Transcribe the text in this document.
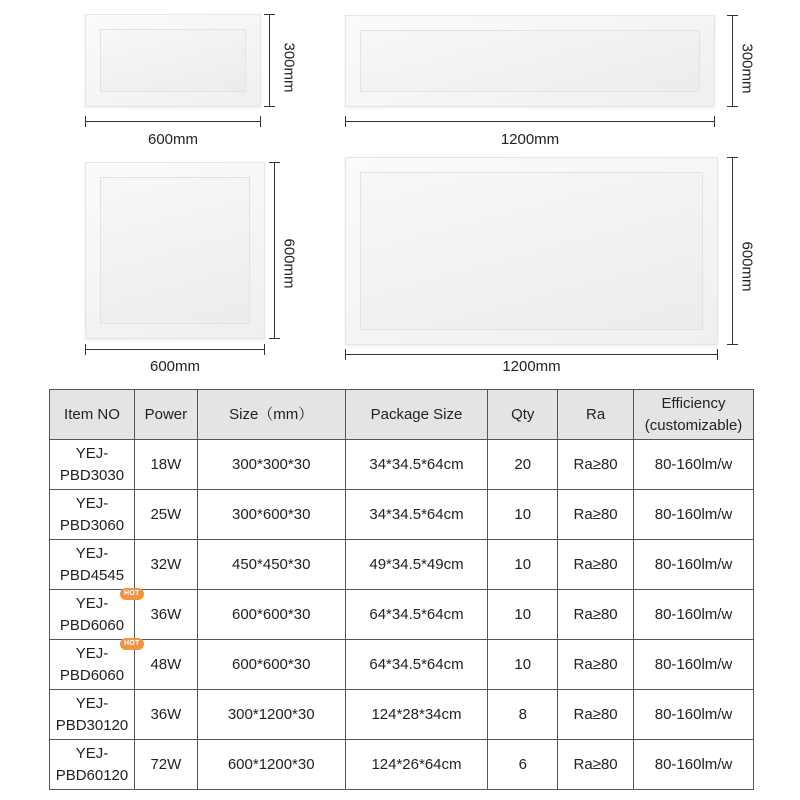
300mm
600mm
300mm
1200mm
600mm
600mm
600mm
1200mm
Item NO	Power	Size（mm）	Package Size	Qty	Ra	Efficiency
(customizable)
YEJ-
PBD3030	18W	300*300*30	34*34.5*64cm	20	Ra≥80	80-160lm/w
YEJ-
PBD3060	25W	300*600*30	34*34.5*64cm	10	Ra≥80	80-160lm/w
YEJ-
PBD4545	32W	450*450*30	49*34.5*49cm	10	Ra≥80	80-160lm/w
YEJ-
PBD6060
HOT	36W	600*600*30	64*34.5*64cm	10	Ra≥80	80-160lm/w
YEJ-
PBD6060
HOT	48W	600*600*30	64*34.5*64cm	10	Ra≥80	80-160lm/w
YEJ-
PBD30120	36W	300*1200*30	124*28*34cm	8	Ra≥80	80-160lm/w
YEJ-
PBD60120	72W	600*1200*30	124*26*64cm	6	Ra≥80	80-160lm/w
